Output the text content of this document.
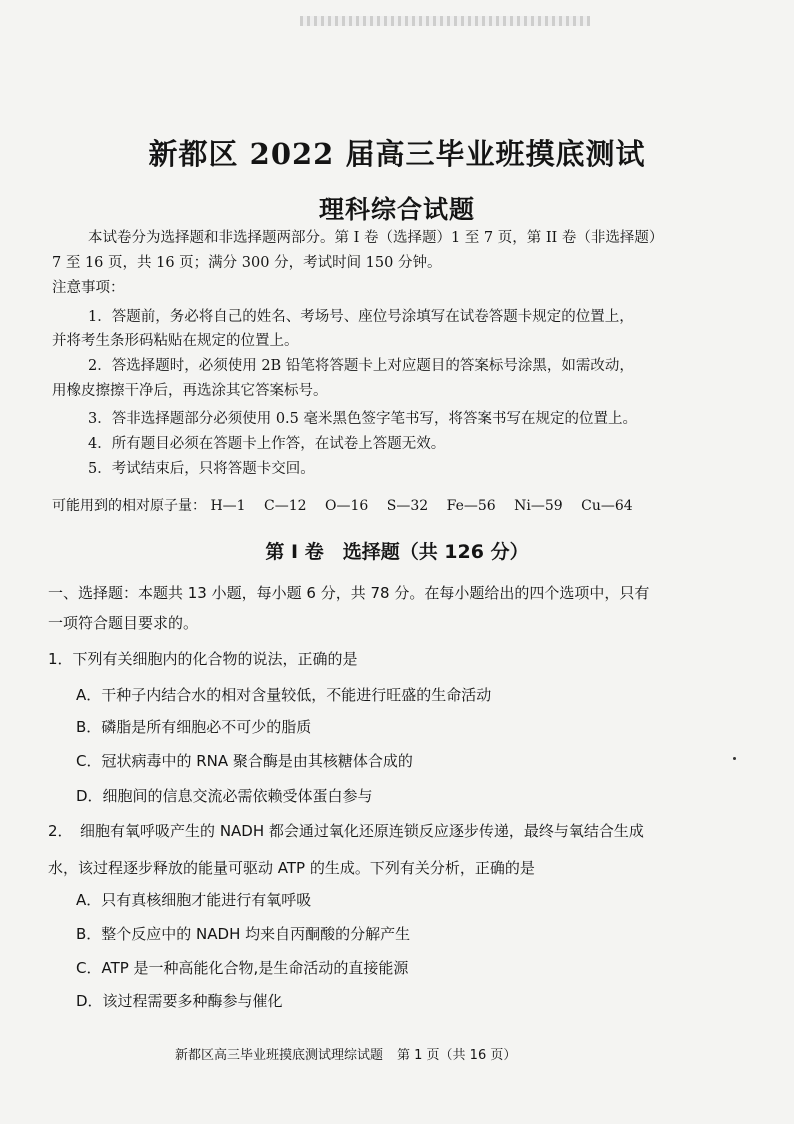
新都区 2022 届高三毕业班摸底测试
理科综合试题
本试卷分为选择题和非选择题两部分。第 I 卷（选择题）1 至 7 页，第 II 卷（非选择题）
7 至 16 页，共 16 页；满分 300 分，考试时间 150 分钟。
注意事项：
1．答题前，务必将自己的姓名、考场号、座位号涂填写在试卷答题卡规定的位置上，
并将考生条形码粘贴在规定的位置上。
2．答选择题时，必须使用 2B 铅笔将答题卡上对应题目的答案标号涂黑，如需改动，
用橡皮擦擦干净后，再选涂其它答案标号。
3．答非选择题部分必须使用 0.5 毫米黑色签字笔书写，将答案书写在规定的位置上。
4．所有题目必须在答题卡上作答，在试卷上答题无效。
5．考试结束后，只将答题卡交回。
可能用到的相对原子量： H—1 C—12 O—16 S—32 Fe—56 Ni—59 Cu—64
第 I 卷　选择题（共 126 分）
一、选择题：本题共 13 小题，每小题 6 分，共 78 分。在每小题给出的四个选项中，只有
一项符合题目要求的。
1．下列有关细胞内的化合物的说法，正确的是
A．干种子内结合水的相对含量较低，不能进行旺盛的生命活动
B．磷脂是所有细胞必不可少的脂质
C．冠状病毒中的 RNA 聚合酶是由其核糖体合成的
D．细胞间的信息交流必需依赖受体蛋白参与
2．　细胞有氧呼吸产生的 NADH 都会通过氧化还原连锁反应逐步传递，最终与氧结合生成
水，该过程逐步释放的能量可驱动 ATP 的生成。下列有关分析，正确的是
A．只有真核细胞才能进行有氧呼吸
B．整个反应中的 NADH 均来自丙酮酸的分解产生
C．ATP 是一种高能化合物,是生命活动的直接能源
D．该过程需要多种酶参与催化
新都区高三毕业班摸底测试理综试题 第 1 页（共 16 页）
